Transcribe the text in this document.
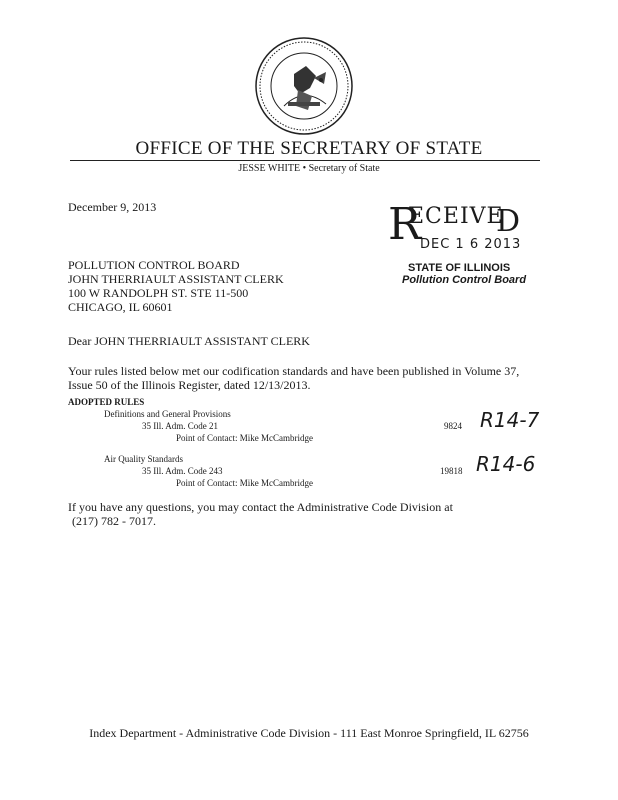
OFFICE OF THE SECRETARY OF STATE
JESSE WHITE • Secretary of State
December 9, 2013	R
ECEIVE
D
DEC 1 6 2013
STATE OF ILLINOIS
Pollution Control Board
POLLUTION CONTROL BOARD
JOHN THERRIAULT ASSISTANT CLERK
100 W RANDOLPH ST. STE 11-500
CHICAGO, IL 60601
Dear JOHN THERRIAULT ASSISTANT CLERK
Your rules listed below met our codification standards and have been published in Volume 37,
Issue 50 of the Illinois Register, dated 12/13/2013.
ADOPTED RULES
Definitions and General Provisions
35 Ill. Adm. Code 21	9824
Point of Contact: Mike McCambridge
R14-7
Air Quality Standards
35 Ill. Adm. Code 243	19818
Point of Contact: Mike McCambridge
R14-6
If you have any questions, you may contact the Administrative Code Division at
(217) 782 - 7017.
Index Department - Administrative Code Division - 111 East Monroe Springfield, IL 62756
